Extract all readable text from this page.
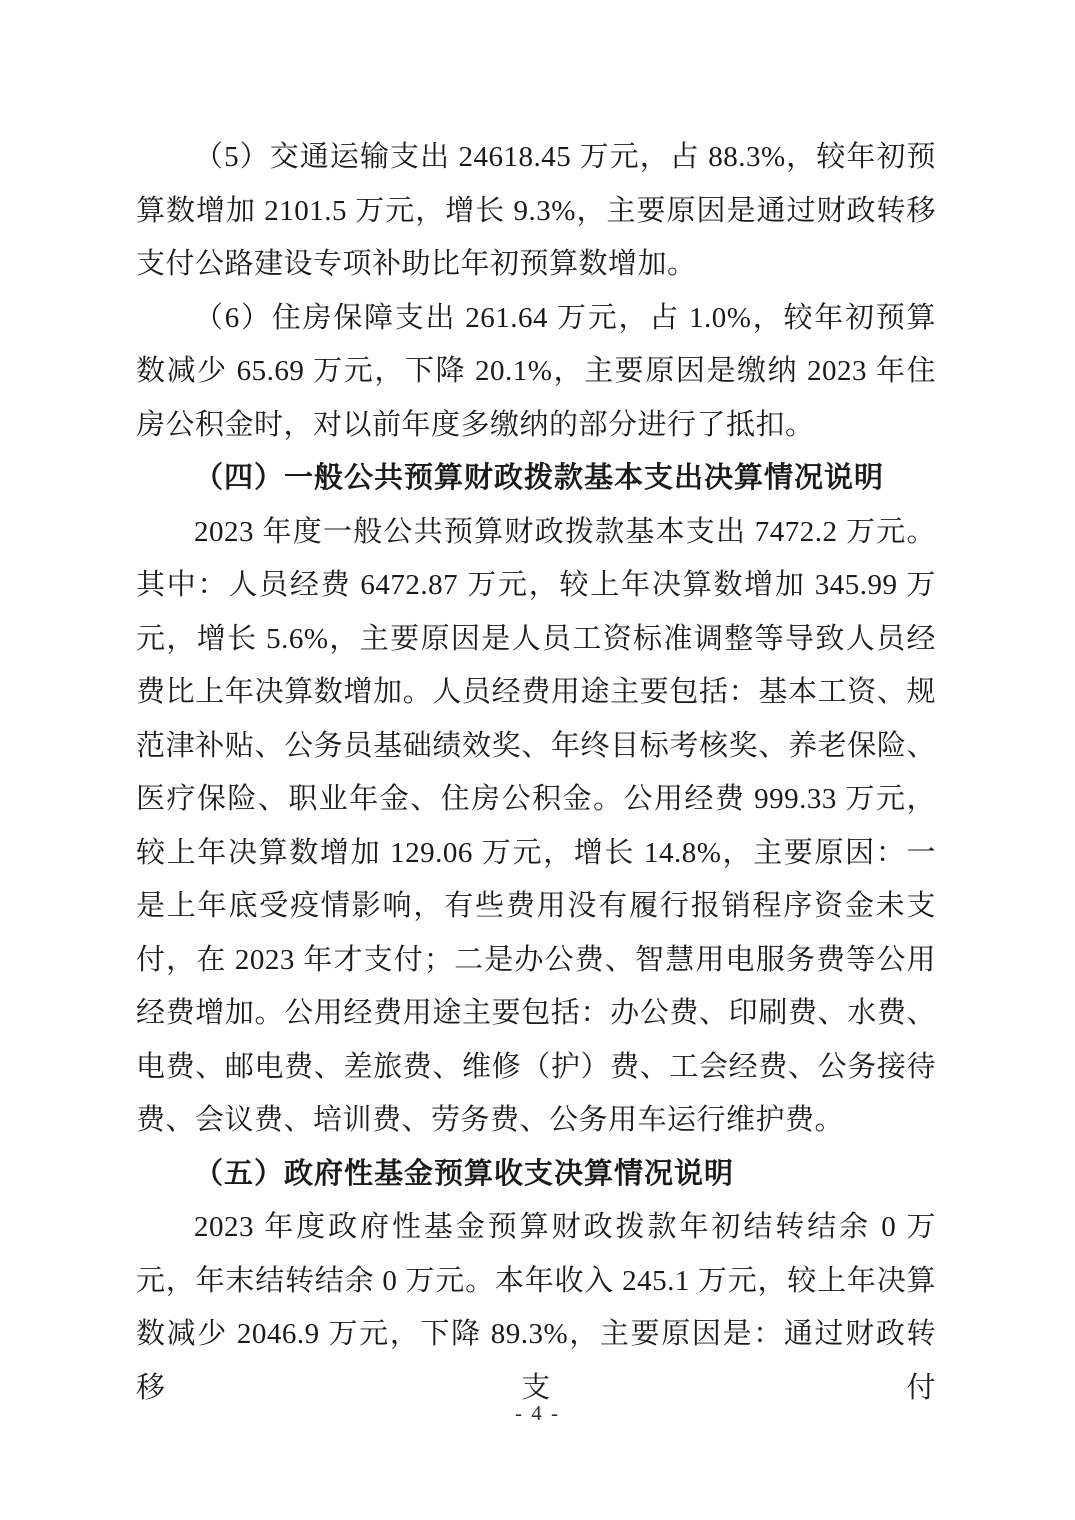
（5）交通运输支出 24618.45 万元，占 88.3%，较年初预算数增加 2101.5 万元，增长 9.3%，主要原因是通过财政转移支付公路建设专项补助比年初预算数增加。

（6）住房保障支出 261.64 万元，占 1.0%，较年初预算数减少 65.69 万元，下降 20.1%，主要原因是缴纳 2023 年住房公积金时，对以前年度多缴纳的部分进行了抵扣。

（四）一般公共预算财政拨款基本支出决算情况说明

2023 年度一般公共预算财政拨款基本支出 7472.2 万元。其中：人员经费 6472.87 万元，较上年决算数增加 345.99 万元，增长 5.6%，主要原因是人员工资标准调整等导致人员经费比上年决算数增加。人员经费用途主要包括：基本工资、规范津补贴、公务员基础绩效奖、年终目标考核奖、养老保险、医疗保险、职业年金、住房公积金。公用经费 999.33 万元，较上年决算数增加 129.06 万元，增长 14.8%，主要原因：一是上年底受疫情影响，有些费用没有履行报销程序资金未支付，在 2023 年才支付；二是办公费、智慧用电服务费等公用经费增加。公用经费用途主要包括：办公费、印刷费、水费、电费、邮电费、差旅费、维修（护）费、工会经费、公务接待费、会议费、培训费、劳务费、公务用车运行维护费。

（五）政府性基金预算收支决算情况说明

2023 年度政府性基金预算财政拨款年初结转结余 0 万元，年末结转结余 0 万元。本年收入 245.1 万元，较上年决算数减少 2046.9 万元，下降 89.3%，主要原因是：通过财政转移支付

- 4 -
